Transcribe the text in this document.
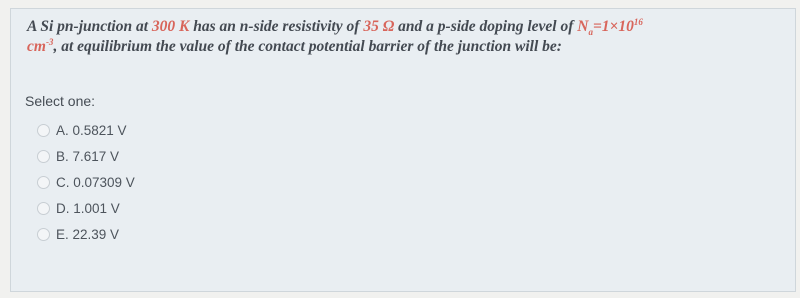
A Si pn-junction at 300 K has an n-side resistivity of 35 Ω and a p-side doping level of $N_a=1\times 10^{16}$
$cm^{-3}$, at equilibrium the value of the contact potential barrier of the junction will be:
Select one:
A. 0.5821 V
B. 7.617 V
C. 0.07309 V
D. 1.001 V
E. 22.39 V
